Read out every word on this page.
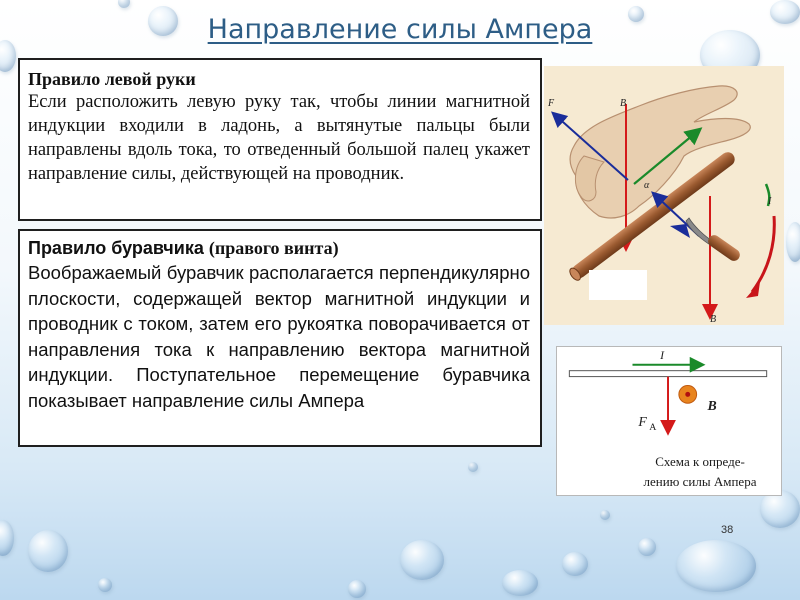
Направление силы Ампера
Правило левой руки
Если расположить левую руку так, чтобы линии магнитной индукции входили в ладонь, а вытянутые пальцы были направлены вдоль тока, то отведенный большой палец укажет направление силы, действующей на проводник.
Правило буравчика (правого винта)
Воображаемый буравчик располагается перпендикулярно плоскости, содержащей вектор магнитной индукции и проводник с током, затем его рукоятка поворачивается от направления тока к направлению вектора магнитной индукции. Поступательное перемещение буравчика показывает направление силы Ампера
F	B
α
I
B
I
B
F А
Схема к опреде-
лению силы Ампера
38
